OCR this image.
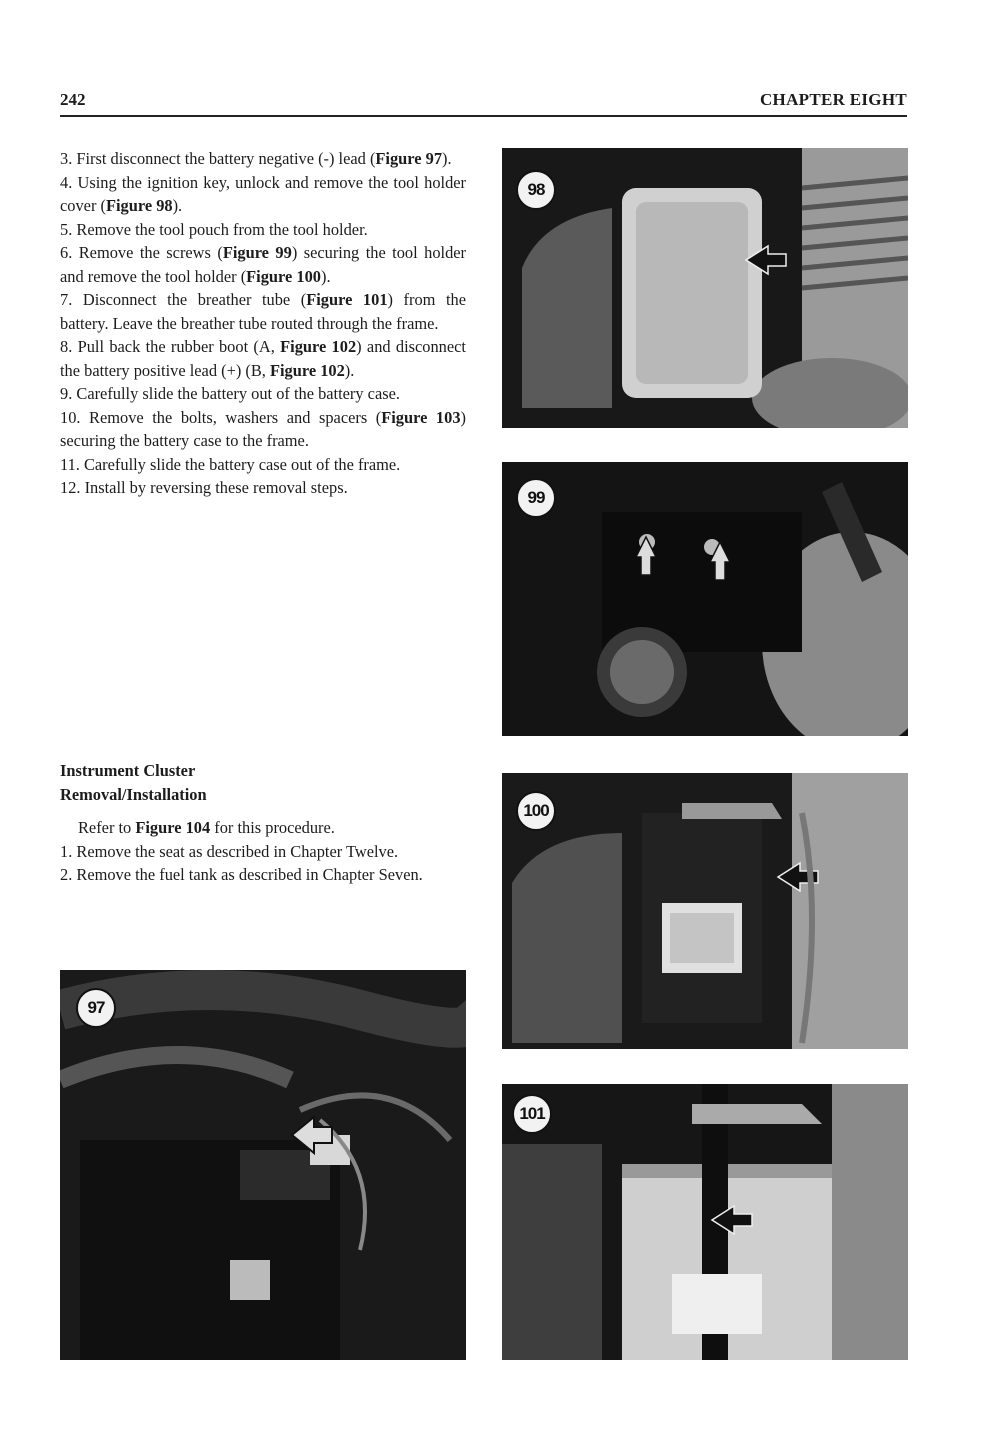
242	CHAPTER EIGHT

3. First disconnect the battery negative (-) lead (Figure 97).

4. Using the ignition key, unlock and remove the tool holder cover (Figure 98).

5. Remove the tool pouch from the tool holder.

6. Remove the screws (Figure 99) securing the tool holder and remove the tool holder (Figure 100).

7. Disconnect the breather tube (Figure 101) from the battery. Leave the breather tube routed through the frame.

8. Pull back the rubber boot (A, Figure 102) and disconnect the battery positive lead (+) (B, Figure 102).

9. Carefully slide the battery out of the battery case.

10. Remove the bolts, washers and spacers (Figure 103) securing the battery case to the frame.

11. Carefully slide the battery case out of the frame.

12. Install by reversing these removal steps.

Instrument Cluster

Removal/Installation

Refer to Figure 104 for this procedure.

1. Remove the seat as described in Chapter Twelve.

2. Remove the fuel tank as described in Chapter Seven.

97
98
99
100
101
